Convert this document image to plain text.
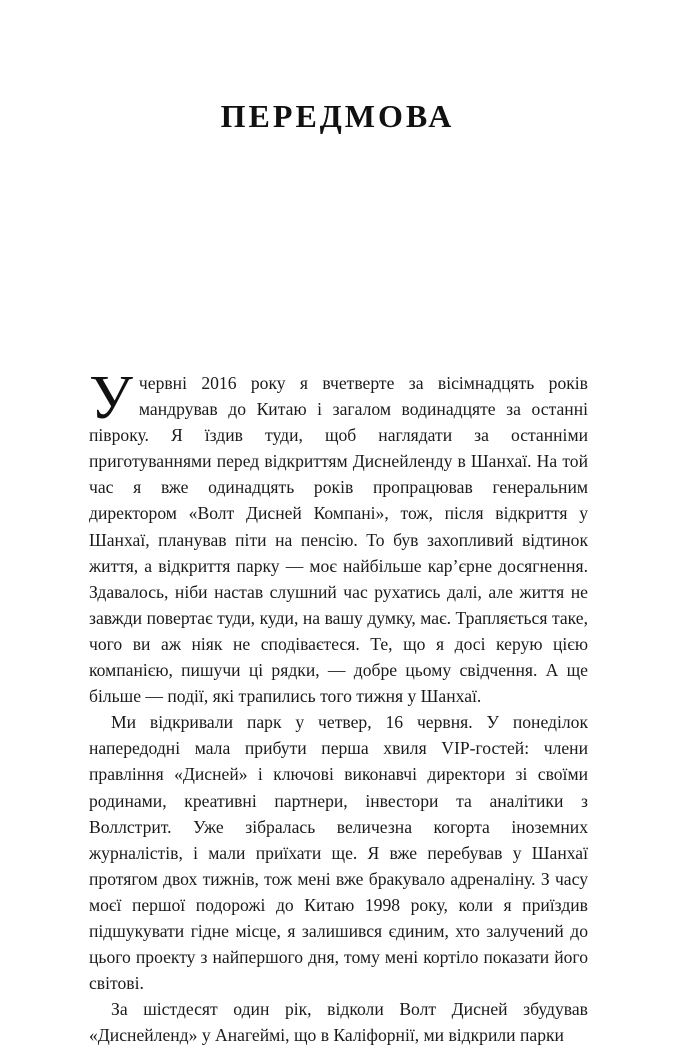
ПЕРЕДМОВА

Учервні 2016 року я вчетверте за вісімнадцять років мандрував до Китаю і загалом водинадцяте за останні півроку. Я їздив туди, щоб наглядати за останніми приготуваннями перед відкриттям Диснейленду в Шанхаї. На той час я вже одинадцять років пропрацював генеральним директором «Волт Дисней Компані», тож, після відкриття у Шанхаї, планував піти на пенсію. То був захопливий відтинок життя, а відкриття парку — моє найбільше кар’єрне досягнення. Здавалось, ніби настав слушний час рухатись далі, але життя не завжди повертає туди, куди, на вашу думку, має. Трапляється таке, чого ви аж ніяк не сподіваєтеся. Те, що я досі керую цією компанією, пишучи ці рядки, — добре цьому свідчення. А ще більше — події, які трапились того тижня у Шанхаї.

Ми відкривали парк у четвер, 16 червня. У понеділок напередодні мала прибути перша хвиля VIP-гостей: члени правління «Дисней» і ключові виконавчі директори зі своїми родинами, креативні партнери, інвестори та аналітики з Воллстрит. Уже зібралась величезна когорта іноземних журналістів, і мали приїхати ще. Я вже перебував у Шанхаї протягом двох тижнів, тож мені вже бракувало адреналіну. З часу моєї першої подорожі до Китаю 1998 року, коли я приїздив підшукувати гідне місце, я залишився єдиним, хто залучений до цього проекту з найпершого дня, тому мені кортіло показати його світові.

За шістдесят один рік, відколи Волт Дисней збудував «Диснейленд» у Анагеймі, що в Каліфорнії, ми відкрили парки
